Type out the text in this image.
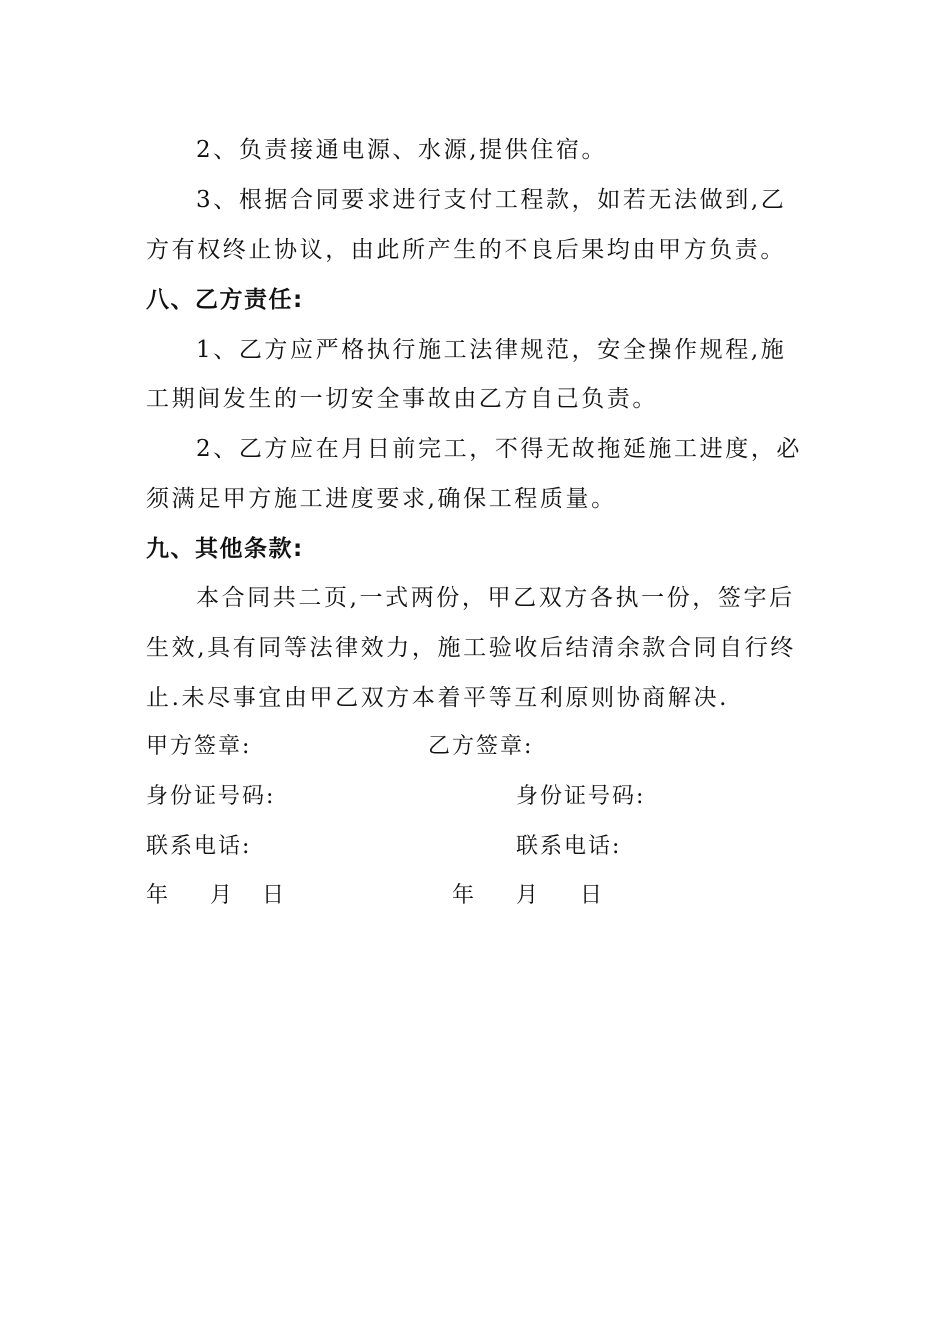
2、负责接通电源、水源,提供住宿。
3、根据合同要求进行支付工程款，如若无法做到,乙
方有权终止协议，由此所产生的不良后果均由甲方负责。
八、乙方责任:
1、乙方应严格执行施工法律规范，安全操作规程,施
工期间发生的一切安全事故由乙方自己负责。
2、乙方应在月日前完工，不得无故拖延施工进度，必
须满足甲方施工进度要求,确保工程质量。
九、其他条款:
本合同共二页,一式两份，甲乙双方各执一份，签字后
生效,具有同等法律效力，施工验收后结清余款合同自行终
止.未尽事宜由甲乙双方本着平等互利原则协商解决.
甲方签章:	乙方签章:
身份证号码:	身份证号码:
联系电话:	联系电话:
年 月 日	年 月 日
